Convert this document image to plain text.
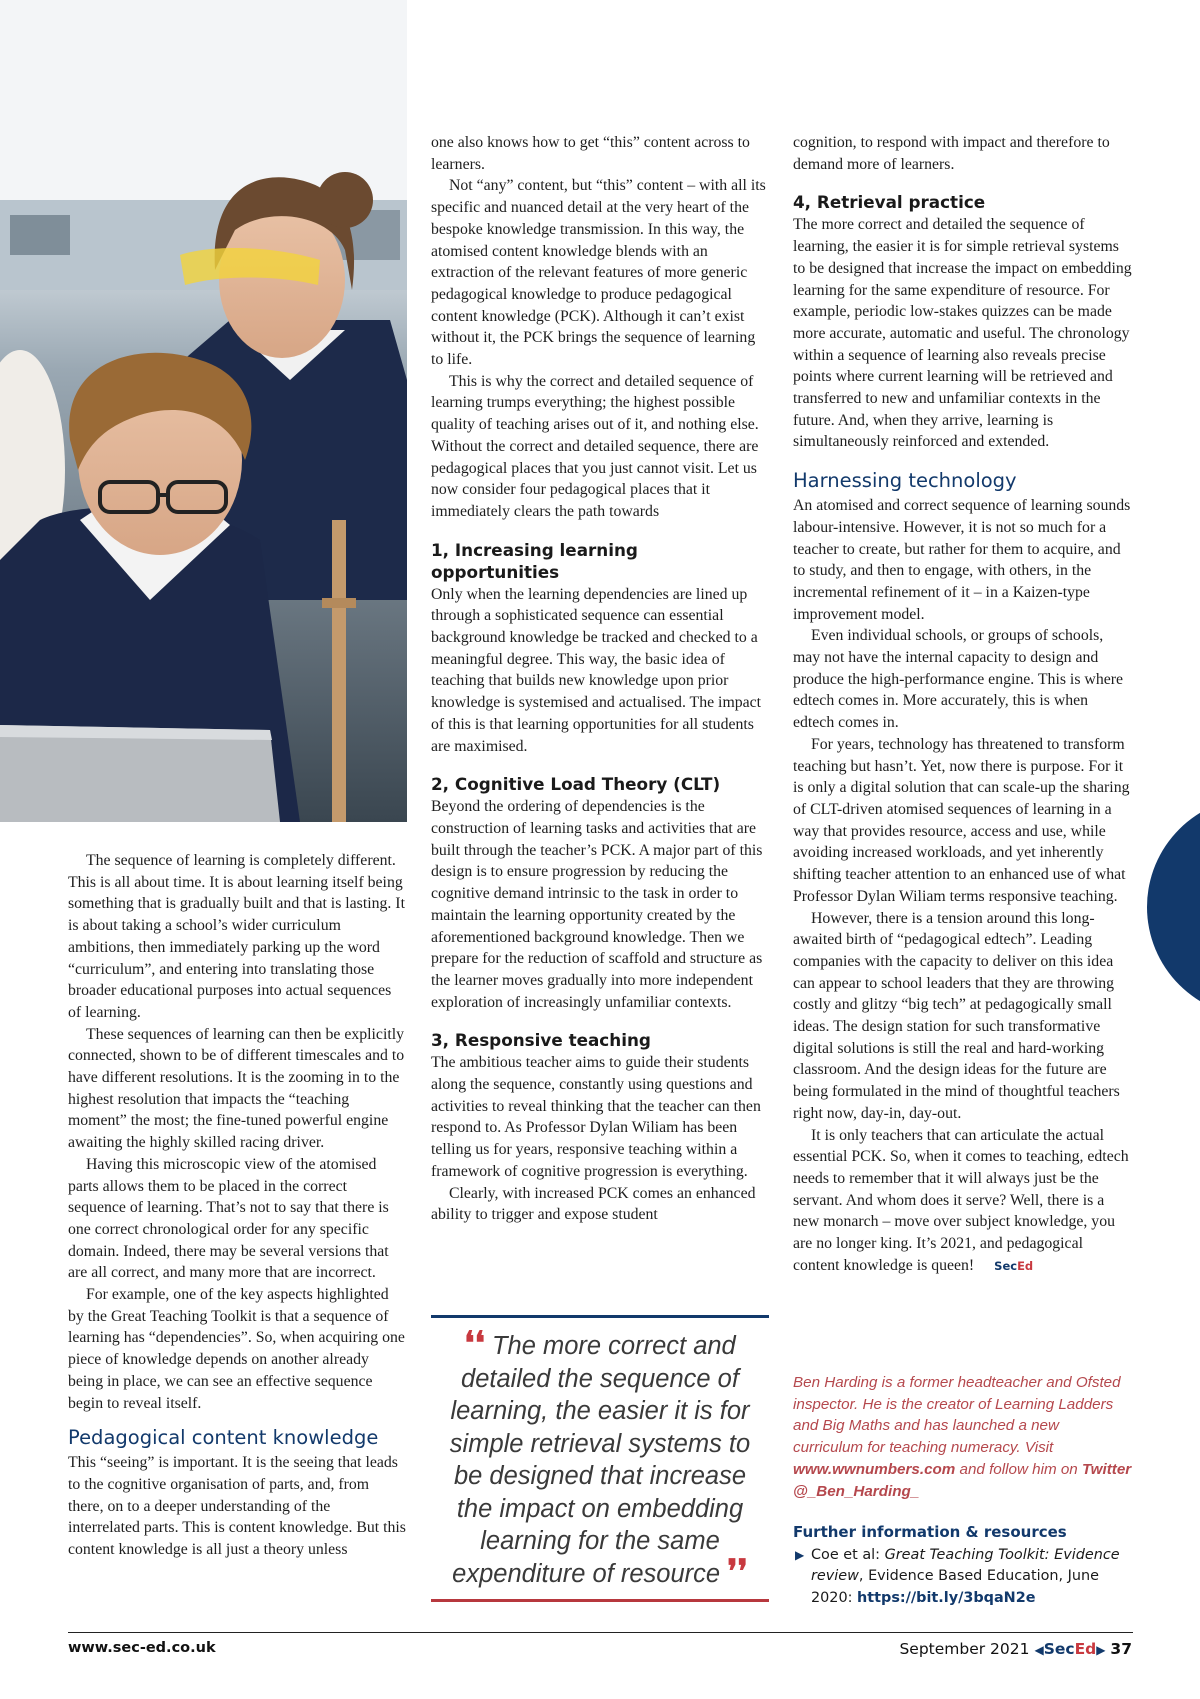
The sequence of learning is completely different. This is all about time. It is about learning itself being something that is gradually built and that is lasting. It is about taking a school’s wider curriculum ambitions, then immediately parking up the word “curriculum”, and entering into translating those broader educational purposes into actual sequences of learning.

These sequences of learning can then be explicitly connected, shown to be of different timescales and to have different resolutions. It is the zooming in to the highest resolution that impacts the “teaching moment” the most; the fine-tuned powerful engine awaiting the highly skilled racing driver.

Having this microscopic view of the atomised parts allows them to be placed in the correct sequence of learning. That’s not to say that there is one correct chronological order for any specific domain. Indeed, there may be several versions that are all correct, and many more that are incorrect.

For example, one of the key aspects highlighted by the Great Teaching Toolkit is that a sequence of learning has “dependencies”. So, when acquiring one piece of knowledge depends on another already being in place, we can see an effective sequence begin to reveal itself.

Pedagogical content knowledge

This “seeing” is important. It is the seeing that leads to the cognitive organisation of parts, and, from there, on to a deeper understanding of the interrelated parts. This is content knowledge. But this content knowledge is all just a theory unless

one also knows how to get “this” content across to learners.

Not “any” content, but “this” content – with all its specific and nuanced detail at the very heart of the bespoke knowledge transmission. In this way, the atomised content knowledge blends with an extraction of the relevant features of more generic pedagogical knowledge to produce pedagogical content knowledge (PCK). Although it can’t exist without it, the PCK brings the sequence of learning to life.

This is why the correct and detailed sequence of learning trumps everything; the highest possible quality of teaching arises out of it, and nothing else. Without the correct and detailed sequence, there are pedagogical places that you just cannot visit. Let us now consider four pedagogical places that it immediately clears the path towards

1, Increasing learning opportunities

Only when the learning dependencies are lined up through a sophisticated sequence can essential background knowledge be tracked and checked to a meaningful degree. This way, the basic idea of teaching that builds new knowledge upon prior knowledge is systemised and actualised. The impact of this is that learning opportunities for all students are maximised.

2, Cognitive Load Theory (CLT)

Beyond the ordering of dependencies is the construction of learning tasks and activities that are built through the teacher’s PCK. A major part of this design is to ensure progression by reducing the cognitive demand intrinsic to the task in order to maintain the learning opportunity created by the aforementioned background knowledge. Then we prepare for the reduction of scaffold and structure as the learner moves gradually into more independent exploration of increasingly unfamiliar contexts.

3, Responsive teaching

The ambitious teacher aims to guide their students along the sequence, constantly using questions and activities to reveal thinking that the teacher can then respond to. As Professor Dylan Wiliam has been telling us for years, responsive teaching within a framework of cognitive progression is everything.

Clearly, with increased PCK comes an enhanced ability to trigger and expose student

❛❛ The more correct and detailed the sequence of learning, the easier it is for simple retrieval systems to be designed that increase the impact on embedding learning for the same expenditure of resource ❜❜

cognition, to respond with impact and therefore to demand more of learners.

4, Retrieval practice

The more correct and detailed the sequence of learning, the easier it is for simple retrieval systems to be designed that increase the impact on embedding learning for the same expenditure of resource. For example, periodic low-stakes quizzes can be made more accurate, automatic and useful. The chronology within a sequence of learning also reveals precise points where current learning will be retrieved and transferred to new and unfamiliar contexts in the future. And, when they arrive, learning is simultaneously reinforced and extended.

Harnessing technology

An atomised and correct sequence of learning sounds labour-intensive. However, it is not so much for a teacher to create, but rather for them to acquire, and to study, and then to engage, with others, in the incremental refinement of it – in a Kaizen-type improvement model.

Even individual schools, or groups of schools, may not have the internal capacity to design and produce the high-performance engine. This is where edtech comes in. More accurately, this is when edtech comes in.

For years, technology has threatened to transform teaching but hasn’t. Yet, now there is purpose. For it is only a digital solution that can scale-up the sharing of CLT-driven atomised sequences of learning in a way that provides resource, access and use, while avoiding increased workloads, and yet inherently shifting teacher attention to an enhanced use of what Professor Dylan Wiliam terms responsive teaching.

However, there is a tension around this long-awaited birth of “pedagogical edtech”. Leading companies with the capacity to deliver on this idea can appear to school leaders that they are throwing costly and glitzy “big tech” at pedagogically small ideas. The design station for such transformative digital solutions is still the real and hard-working classroom. And the design ideas for the future are being formulated in the mind of thoughtful teachers right now, day-in, day-out.

It is only teachers that can articulate the actual essential PCK. So, when it comes to teaching, edtech needs to remember that it will always just be the servant. And whom does it serve? Well, there is a new monarch – move over subject knowledge, you are no longer king. It’s 2021, and pedagogical content knowledge is queen! SecEd

Ben Harding is a former headteacher and Ofsted inspector. He is the creator of Learning Ladders and Big Maths and has launched a new curriculum for teaching numeracy. Visit www.wwnumbers.com and follow him on Twitter @_Ben_Harding_
Further information & resources
▶ Coe et al: Great Teaching Toolkit: Evidence review, Evidence Based Education, June 2020: https://bit.ly/3bqaN2e
www.sec-ed.co.uk	September 2021 ◀SecEd▶ 37
